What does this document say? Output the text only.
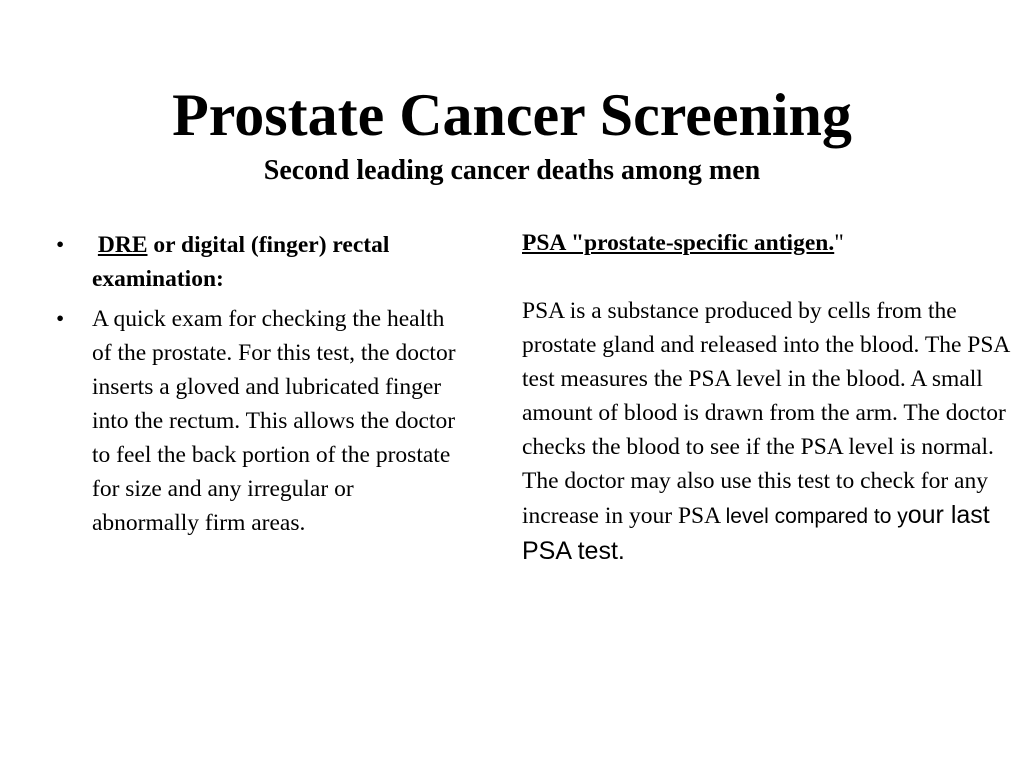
Prostate Cancer Screening
Second leading cancer deaths among men
•	DRE or digital (finger) rectal examination:
•	A quick exam for checking the health of the prostate. For this test, the doctor inserts a gloved and lubricated finger into the rectum. This allows the doctor to feel the back portion of the prostate for size and any irregular or abnormally firm areas.

PSA "prostate-specific antigen."

PSA is a substance produced by cells from the prostate gland and released into the blood. The PSA test measures the PSA level in the blood. A small amount of blood is drawn from the arm. The doctor checks the blood to see if the PSA level is normal. The doctor may also use this test to check for any increase in your PSA level compared to your last PSA test.
